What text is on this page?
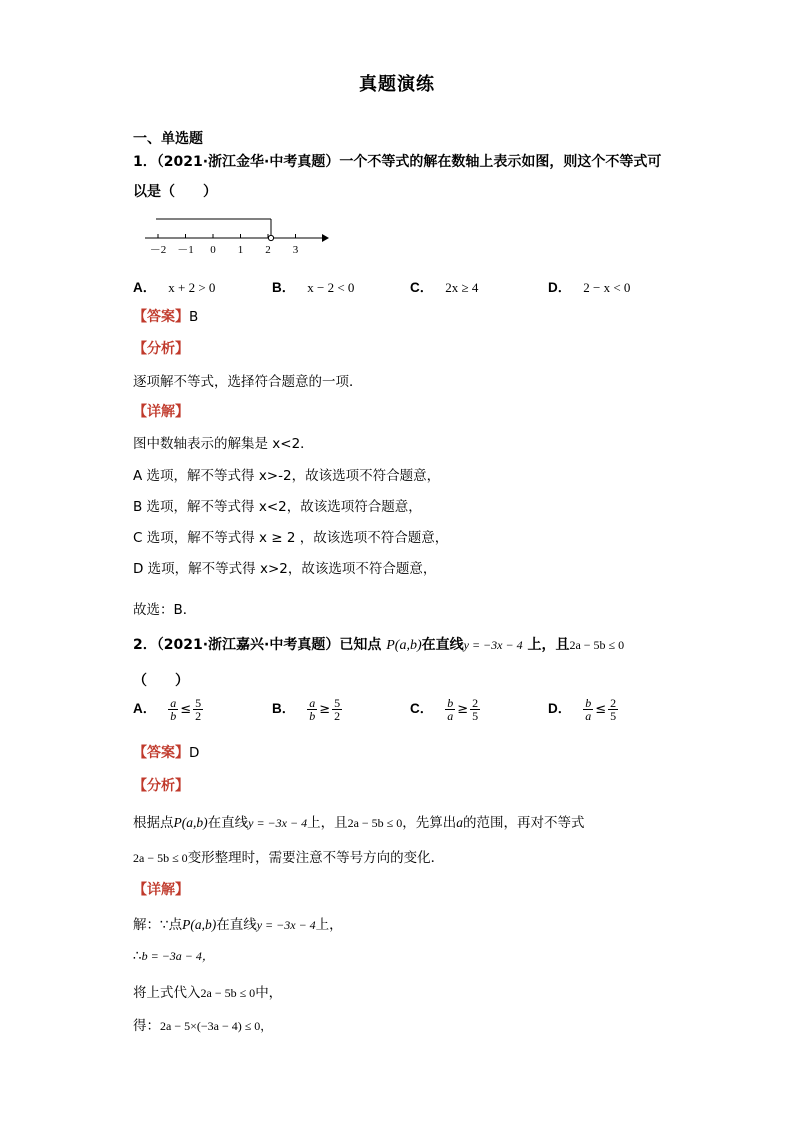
真题演练
一、单选题
1．（2021·浙江金华·中考真题）一个不等式的解在数轴上表示如图，则这个不等式可
以是（　　）
－2 －1 0 1 2 3
A． x + 2 > 0	B． x − 2 < 0	C． 2x ≥ 4	D． 2 − x < 0
【答案】B
【分析】
逐项解不等式，选择符合题意的一项．
【详解】
图中数轴表示的解集是 x<2．
A 选项，解不等式得 x>-2，故该选项不符合题意，
B 选项，解不等式得 x<2，故该选项符合题意，
C 选项，解不等式得 x ≥ 2 ，故该选项不符合题意，
D 选项，解不等式得 x>2，故该选项不符合题意，
故选：B．
2．（2021·浙江嘉兴·中考真题）已知点 P(a,b)在直线y = −3x − 4 上，且2a − 5b ≤ 0
（　　）
A． $\frac{a}{b} \le \frac{5}{2}$	B． $\frac{a}{b} \ge \frac{5}{2}$	C． $\frac{b}{a} \ge \frac{2}{5}$	D． $\frac{b}{a} \le \frac{2}{5}$
【答案】D
【分析】
根据点P(a,b)在直线y = −3x − 4上，且2a − 5b ≤ 0，先算出a的范围，再对不等式
2a − 5b ≤ 0变形整理时，需要注意不等号方向的变化．
【详解】
解：∵点P(a,b)在直线y = −3x − 4上，
∴b = −3a − 4，
将上式代入2a − 5b ≤ 0中，
得：2a − 5×(−3a − 4) ≤ 0，
